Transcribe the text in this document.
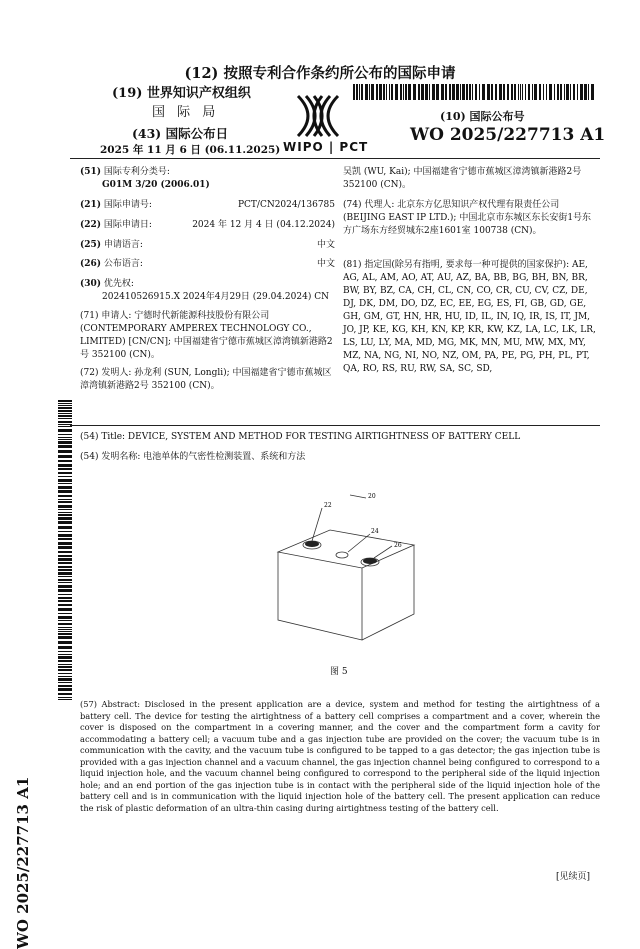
(12) 按照专利合作条约所公布的国际申请
(19) 世界知识产权组织
国 际 局
(43) 国际公布日
2025 年 11 月 6 日 (06.11.2025) WIPO | PCT
(10) 国际公布号
WO 2025/227713 A1
(51) 国际专利分类号:
G01M 3/20 (2006.01)
(21) 国际申请号:	PCT/CN2024/136785
(22) 国际申请日:	2024 年 12 月 4 日 (04.12.2024)
(25) 申请语言:	中文
(26) 公布语言:	中文
(30) 优先权:
202410526915.X 2024年4月29日 (29.04.2024) CN
(71) 申请人: 宁德时代新能源科技股份有限公司 (CONTEMPORARY AMPEREX TECHNOLOGY CO., LIMITED) [CN/CN]; 中国福建省宁德市蕉城区漳湾镇新港路2号 352100 (CN)。
(72) 发明人: 孙龙利 (SUN, Longli); 中国福建省宁德市蕉城区漳湾镇新港路2号 352100 (CN)。
吴凯 (WU, Kai); 中国福建省宁德市蕉城区漳湾镇新港路2号 352100 (CN)。
(74) 代理人: 北京东方亿思知识产权代理有限责任公司 (BEIJING EAST IP LTD.); 中国北京市东城区东长安街1号东方广场东方经贸城东2座1601室 100738 (CN)。
(81) 指定国(除另有指明, 要求每一种可提供的国家保护): AE, AG, AL, AM, AO, AT, AU, AZ, BA, BB, BG, BH, BN, BR, BW, BY, BZ, CA, CH, CL, CN, CO, CR, CU, CV, CZ, DE, DJ, DK, DM, DO, DZ, EC, EE, EG, ES, FI, GB, GD, GE, GH, GM, GT, HN, HR, HU, ID, IL, IN, IQ, IR, IS, IT, JM, JO, JP, KE, KG, KH, KN, KP, KR, KW, KZ, LA, LC, LK, LR, LS, LU, LY, MA, MD, MG, MK, MN, MU, MW, MX, MY, MZ, NA, NG, NI, NO, NZ, OM, PA, PE, PG, PH, PL, PT, QA, RO, RS, RU, RW, SA, SC, SD,
WO 2025/227713 A1
(54) Title: DEVICE, SYSTEM AND METHOD FOR TESTING AIRTIGHTNESS OF BATTERY CELL
(54) 发明名称: 电池单体的气密性检测装置、系统和方法
20
22
24
26
图 5
(57) Abstract: Disclosed in the present application are a device, system and method for testing the airtightness of a battery cell. The device for testing the airtightness of a battery cell comprises a compartment and a cover, wherein the cover is disposed on the compartment in a covering manner, and the cover and the compartment form a cavity for accommodating a battery cell; a vacuum tube and a gas injection tube are provided on the cover; the vacuum tube is in communication with the cavity, and the vacuum tube is configured to be tapped to a gas detector; the gas injection tube is provided with a gas injection channel and a vacuum channel, the gas injection channel being configured to correspond to a liquid injection hole, and the vacuum channel being configured to correspond to the peripheral side of the liquid injection hole; and an end portion of the gas injection tube is in contact with the peripheral side of the liquid injection hole of the battery cell and is in communication with the liquid injection hole of the battery cell. The present application can reduce the risk of plastic deformation of an ultra-thin casing during airtightness testing of the battery cell.
[见续页]
